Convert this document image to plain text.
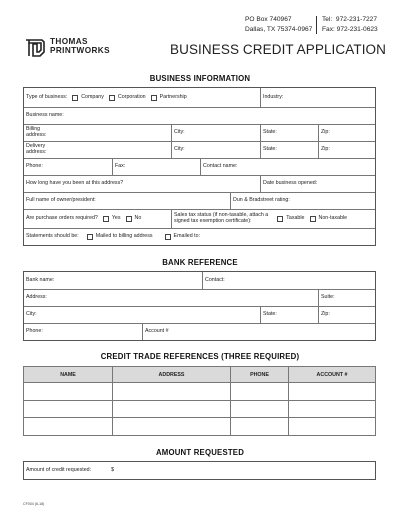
THOMAS
PRINTWORKS
PO Box 740967
Dallas, TX 75374-0967
Tel:  972-231-7227
Fax: 972-231-0623
BUSINESS CREDIT APPLICATION
BUSINESS INFORMATION
Type of business:	Company	Corporation	Partnership	Industry:
Business name:
Billing
address:	City:	State:	Zip:
Delivery
address:	City:	State:	Zip:
Phone:	Fax:	Contact name:
How long have you been at this address?	Date business opened:
Full name of owner/president:	Dun & Bradstreet rating:
Are purchase orders required?	Yes	No	Sales tax status (if non-taxable, attach a
signed tax exemption certificate):	Taxable	Non-taxable
Statements should be:	Mailed to billing address	Emailed to:
BANK REFERENCE
Bank name:	Contact:
Address:	Suite:
City:	State:	Zip:
Phone:	Account #
CREDIT TRADE REFERENCES (THREE REQUIRED)
NAME	ADDRESS	PHONE	ACCOUNT #

AMOUNT REQUESTED
Amount of credit requested:	$
CF004 (6-18)
